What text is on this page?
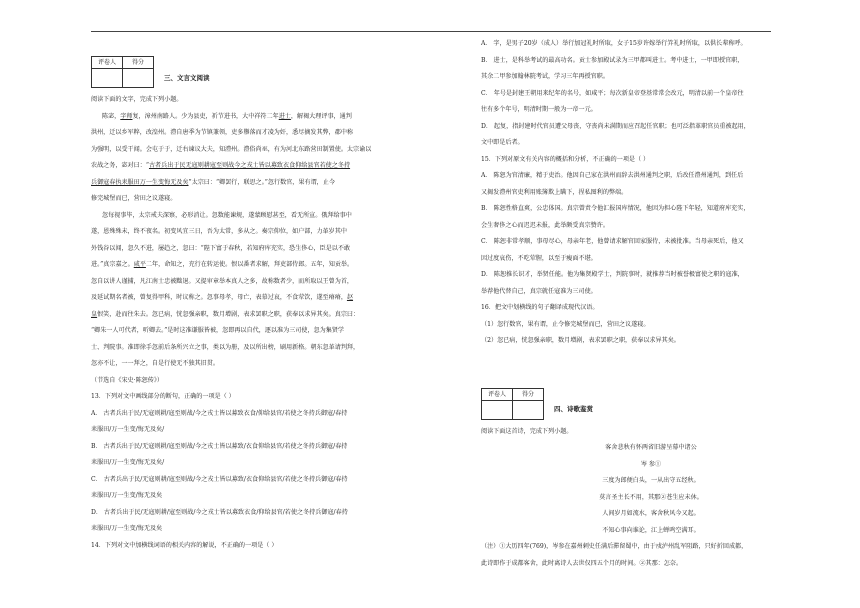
评卷人	得分

三、文言文阅读

阅读下面的文字，完成下列小题。

陈宓，字师复，漳州南路人。少为县吏，祈节进书，大中祥符二年进士，解褐大理评事，通判

洪州，迁以乡军粹，改湟州。澧自唐季为节镇兼领，吏多隳落而才凌为奸，悉尽摘发其弊，郡中称

为强明，以受干闻。会屯于于，迁右谏议大夫，知澧州。澧俗尚巫，有为河北东路营田制置使。太宗谕以

农战之务，宓对曰：“古者兵出于民无寇则耕寇至则战今之戎士皆以募致衣食仰给县官若使之冬持

兵御寇春执耒服田万一生变悔无及矣”太宗曰：“卿罢行，联思之。”忽行数官，果有谓，止今

修完城堡而已，营田之议遂寝。

忽每视事毕，太宗戒夫深察，必形消让。忽数能谏规，遂蒙顾慰甚至，看无所宣。俄拜给事中

遂，恩殊殊未，终不夜名。初变风宜三日，吾为太常，多从之。奏宗仰位，如户部，力革岁其中

外钱谷以闻，忽久不进，屡趋之，忽曰：“陛下富于春秋，若知府库充实，恐生侈心，臣是以不敢

进。”真宗嘉之。咸平二年，命知之，充行在转运使。恨以番者求解，拜吏部侍郎。五年，知贡举。

忽自以讲人谨捕，凡江南士忠被黜退。又提审章举本真人之多，故称数者少，而所取以王曾为首，

及延试期名者被，曾复得甲科，时议称之。忽事母孝，母亡，表慕过哀，不食荤饮，遂至瘠瘠，赵

皇恨笑，赴而往朱去。忽已病，恍忽强亲职，数月增剧，表求罢职之职，获奉以求异其矣。真宗曰：

“卿朱一人可代者，听卿去。”是时这准谦服皆被，忽即再以自代，逐以准为三司使，忽为集贤学

士、判院事。准即徐手忽前后条所兴立之事，类以为册，及以所出榜，刷用新格。朝东忽革请判拜，

忽亦不让，一一拜之，自是行使无不独其旧贯。

（节选自《宋史·陈恕传》）

13．下列对文中画线部分的断句，正确的一项是（ ）

A． 古者兵出于民/无寇则耕/寇至则战/今之戎士皆以募致衣食/仰给县官/若使之冬持兵御寇/春持

耒服田/万一生变/悔无及矣/

B． 古者兵出于民/无寇则耕/寇至则战/今之戎士皆以募致/衣食仰给县官/若使之冬持兵御寇/春持

耒服田/万一生变/悔无及矣/

C． 古者兵出于民/无寇则耕/寇至则战/今之戎士皆以募致/衣食仰给县官/若使之冬持兵御寇/春持

耒服田/万一生变/悔无及矣

D． 古者兵出于民/无寇则耕/寇至则战/今之戎士皆以募致衣食/仰给县官/若使之冬持兵御寇/春持

耒服田/万一生变/悔无及矣

14．下列对文中加横线词语的相关内容的解说，不正确的一项是（ ）

A． 字，是男子20岁（成人）举行加冠礼时所取，女子15岁许嫁举行笄礼时所取，以供长辈称呼。

B． 进士，是科举考试的最高功名。贡士参加殿试录为三甲都叫进士。考中进士，一甲即授官职，

其余二甲参加翰林院考试，学习三年再授官职。

C． 年号是封建王朝用来纪年的名号，如咸平；每次新皇帝登基常常会改元，明清以前一个皇帝往

往有多个年号，明清时期一般为一帝一元。

D． 起复，指封建时代官员遭父母丧，守丧尚未满期而应召起任官职；也可泛指革职官员重被起用，

文中即是后者。

15．下列对原文有关内容的概括和分析，不正确的一项是（ ）

A． 陈恕为官清廉，精于吏治。他因自己家在洪州而辞去洪州通判之职，后改任澧州通判，到任后

又揭发澧州官吏利用账簿欺上瞒下，捏私图利的弊端。

B． 陈恕性格直爽，公忠体国。真宗曾责令他汇报国库情况，他因为担心陛下年轻，知道府库充实，

会生奢侈之心而迟迟未报，此举颇受真宗赞许。

C． 陈恕非常孝顺，事母尽心，母亲年老，他曾请求解官回家服侍，未被批准。当母亲死后，他又

因过度哀伤，不吃荤腥，以至于瘦面不堪。

D． 陈恕推长识才，举贤任能。他为集贤殿学士，判院事时，就推荐当时被誉极富使之职的寇准，

举荐他代替自己，真宗就任寇准为三司使。

16．把文中划横线的句子翻译成现代汉语。

（1）忽行数官，果有谓，止令修完城堡而已，营田之议遂寝。

（2）忽已病，恍忽强亲职，数月增剧，表求罢职之职，获奉以求异其矣。

评卷人	得分

四、诗歌鉴赏

阅读下面这首诗，完成下列小题。

客舍悲秋有怀两省旧游呈幕中诸公

岑 参①

三度为郎便白头，一从出守五经秋。

莫言圣主长不用，其那②苍生应未休。

人间岁月如流水，客舍秋风今又起。

不知心事向谁论，江上蝉鸣空满耳。

（注）①大历四年(769)，岑参在嘉州刺史任满后滞留蜀中，由于戍泸州乱军阻路，只好折回成都，

此诗即作于成都客舍，此时离诗人去世仅四五个月的时间。②其那：怎奈。
